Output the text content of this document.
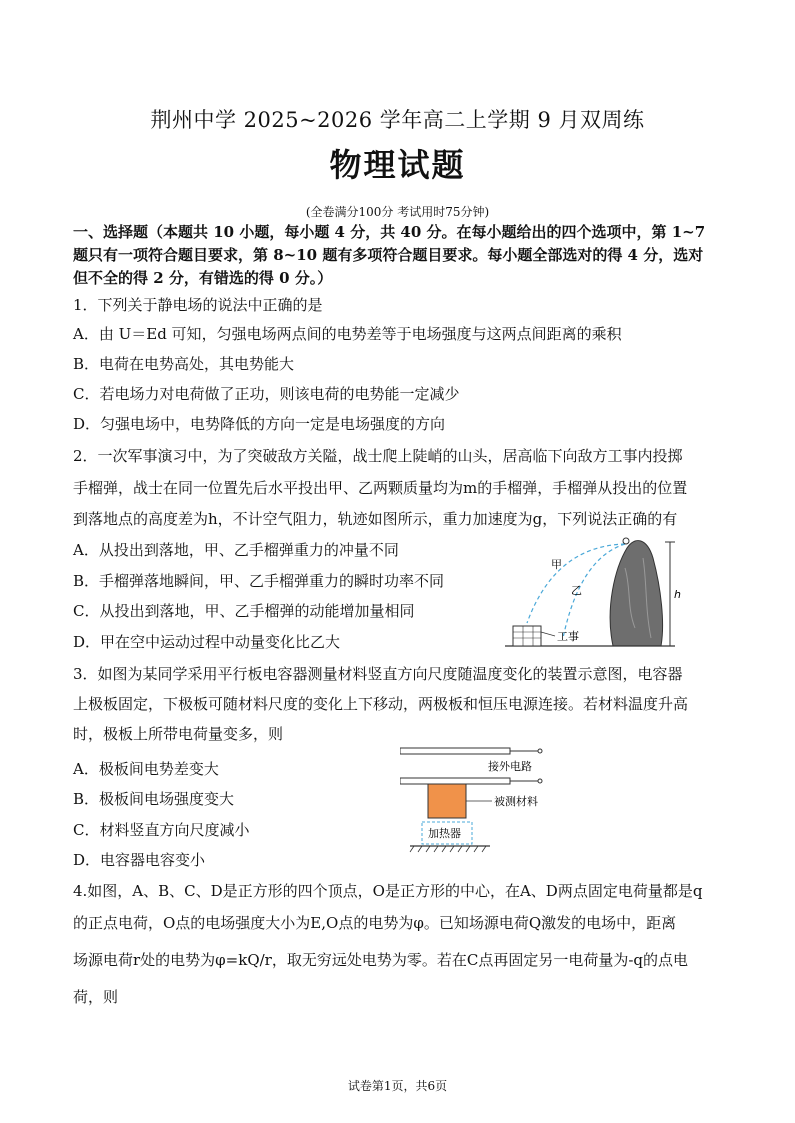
荆州中学 2025~2026 学年高二上学期 9 月双周练
物理试题
(全卷满分100分 考试用时75分钟)
一、选择题（本题共 10 小题，每小题 4 分，共 40 分。在每小题给出的四个选项中，第 1~7
题只有一项符合题目要求，第 8~10 题有多项符合题目要求。每小题全部选对的得 4 分，选对
但不全的得 2 分，有错选的得 0 分。）
1．下列关于静电场的说法中正确的是
A．由 U＝Ed 可知，匀强电场两点间的电势差等于电场强度与这两点间距离的乘积
B．电荷在电势高处，其电势能大
C．若电场力对电荷做了正功，则该电荷的电势能一定减少
D．匀强电场中，电势降低的方向一定是电场强度的方向
2．一次军事演习中，为了突破敌方关隘，战士爬上陡峭的山头，居高临下向敌方工事内投掷
手榴弹，战士在同一位置先后水平投出甲、乙两颗质量均为m的手榴弹，手榴弹从投出的位置
到落地点的高度差为h，不计空气阻力，轨迹如图所示，重力加速度为g，下列说法正确的有
A．从投出到落地，甲、乙手榴弹重力的冲量不同
B．手榴弹落地瞬间，甲、乙手榴弹重力的瞬时功率不同
C．从投出到落地，甲、乙手榴弹的动能增加量相同
D．甲在空中运动过程中动量变化比乙大
甲
乙	h
工事
3．如图为某同学采用平行板电容器测量材料竖直方向尺度随温度变化的装置示意图，电容器
上极板固定，下极板可随材料尺度的变化上下移动，两极板和恒压电源连接。若材料温度升高
时，极板上所带电荷量变多，则
A．极板间电势差变大
B．极板间电场强度变大
C．材料竖直方向尺度减小
D．电容器电容变小
接外电路
被测材料
加热器
4.如图，A、B、C、D是正方形的四个顶点，O是正方形的中心，在A、D两点固定电荷量都是q
的正点电荷，O点的电场强度大小为E,O点的电势为φ。已知场源电荷Q激发的电场中，距离
场源电荷r处的电势为φ=kQ/r，取无穷远处电势为零。若在C点再固定另一电荷量为-q的点电
荷，则
试卷第1页，共6页
